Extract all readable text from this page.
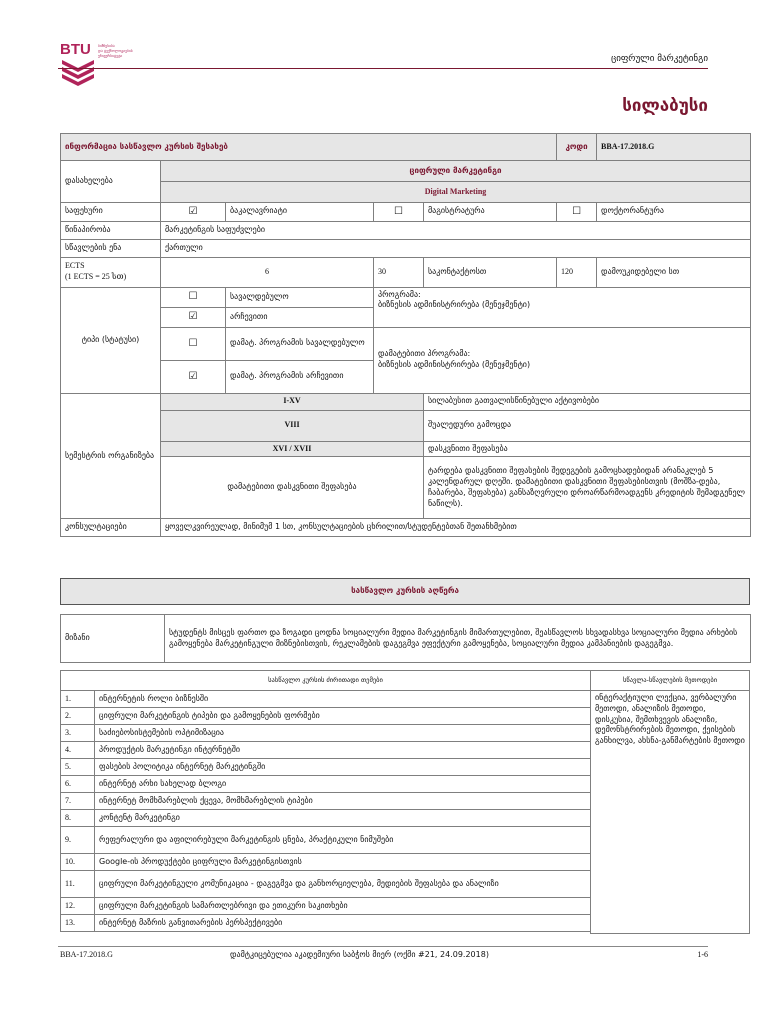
BTU ბიზნესისა
და ტექნოლოგიების
უნივერსიტეტი	ციფრული მარკეტინგი
სილაბუსი
ინფორმაცია სასწავლო კურსის შესახებ					კოდი	BBA-17.2018.G
დასახელება	ციფრული მარკეტინგი					
	Digital Marketing					
საფეხური	☑	ბაკალავრიატი	☐	მაგისტრატურა	☐	დოქტორანტურა
წინაპირობა	მარკეტინგის საფუძვლები					
სწავლების ენა	ქართული					
ECTS
(1 ECTS = 25 სთ)	6		30	საკონტაქტოსთ	120	დამოუკიდებელი სთ
ტიპი (სტატუსი)	☐	სავალდებულო	პროგრამა:
ბიზნესის ადმინისტრირება (მენეჯმენტი)			

	☑	არჩევითი				
	☐	დამატ. პროგრამის სავალდებულო	დამატებითი პროგრამა:
ბიზნესის ადმინისტრირება (მენეჯმენტი)			

	☑	დამატ. პროგრამის არჩევითი				
სემესტრის ორგანიზება	I-XV			სილაბუსით გათვალისწინებული აქტივობები		
	VIII			შუალედური გამოცდა		
	XVI / XVII			დასკვნითი შეფასება		
	დამატებითი დასკვნითი შეფასება			ტარდება დასკვნითი შეფასების შედეგების გამოცხადებიდან არანაკლებ 5 კალენდარულ დღეში. დამატებითი დასკვნითი შეფასებისთვის (მოშზა-დება, ჩაბარება, შეფასება) განსაზღვრული დროარწარმოადგენს კრედიტის შემადგენელ ნაწილს).		
კონსულტაციები	ყოველკვირეულად, მინიმუმ 1 სთ, კონსულტაციების ცხრილით/სტუდენტებთან შეთანხმებით					
სასწავლო კურსის აღწერა
მიზანი	სტუდენტს მისცეს ფართო და ზოგადი ცოდნა სოციალური მედია მარკეტინგის მიმართულებით, შეასწავლოს სხვადასხვა სოციალური მედია არხების გამოყენება მარკეტინგული მიზნებისთვის, რეკლამების დაგეგმვა ეფექტური გამოყენება, სოციალური მედია კამპანიების დაგეგმვა.
სასწავლო კურსის ძირითადი თემები	
1.	ინტერნეტის როლი ბიზნესში
2.	ციფრული მარკეტინგის ტიპები და გამოყენების ფორმები
3.	საძიებოსისტემების ოპტიმიზაცია
4.	პროდუქტის მარკეტინგი ინტერნეტში
5.	ფასების პოლიტიკა ინტერნეტ მარკეტინგში
6.	ინტერნეტ არხი სახელად ბლოგი
7.	ინტერნეტ მომხმარებლის ქცევა, მომხმარებლის ტიპები
8.	კონტენტ მარკეტინგი
9.	რეფერალური და აფილირებული მარკეტინგის ცნება, პრაქტიკული ნიმუშები
10.	Google-ის პროდუქტები ციფრული მარკეტინგისთვის
11.	ციფრული მარკეტინგული კომუნიკაცია - დაგეგმვა და განხორციელება, მედიების შეფასება და ანალიზი
12.	ციფრული მარკეტინგის სამართლებრივი და ეთიკური საკითხები
13.	ინტერნეტ მაზრის განვითარების პერსპექტივები
სწავლა-სწავლების მეთოდები
ინტერაქტიული ლექცია, ვერბალური მეთოდი, ანალიზის მეთოდი, დისკუსია, შემთხვევის ანალიზი, დემონსტრირების მეთოდი, ქეისების განხილვა, ახსნა-განმარტების მეთოდი
BBA-17.2018.G	დამტკიცებულია აკადემიური საბჭოს მიერ (ოქმი #21, 24.09.2018)	1-6
